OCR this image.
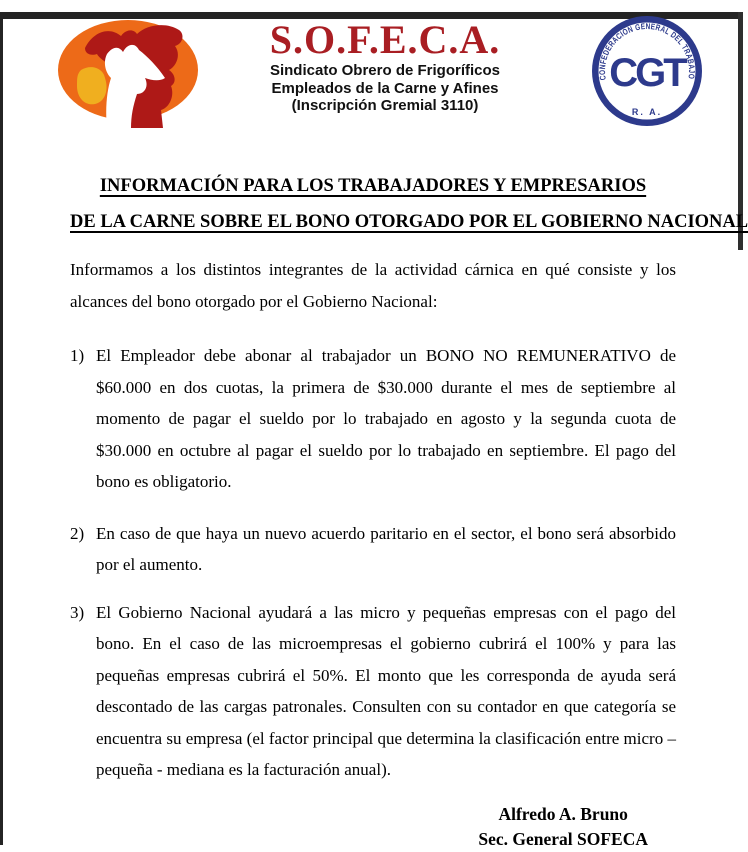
S.O.F.E.C.A.
Sindicato Obrero de Frigoríficos
Empleados de la Carne y Afines
(Inscripción Gremial 3110)
CONFEDERACION GENERAL DEL TRABAJO
CGT
R. A.
INFORMACIÓN PARA LOS TRABAJADORES Y EMPRESARIOS
DE LA CARNE SOBRE EL BONO OTORGADO POR EL GOBIERNO NACIONAL

Informamos a los distintos integrantes de la actividad cárnica en qué consiste y los alcances del bono otorgado por el Gobierno Nacional:

1) El Empleador debe abonar al trabajador un BONO NO REMUNERATIVO de $60.000 en dos cuotas, la primera de $30.000 durante el mes de septiembre al momento de pagar el sueldo por lo trabajado en agosto y la segunda cuota de $30.000 en octubre al pagar el sueldo por lo trabajado en septiembre. El pago del bono es obligatorio.
2) En caso de que haya un nuevo acuerdo paritario en el sector, el bono será absorbido por el aumento.
3) El Gobierno Nacional ayudará a las micro y pequeñas empresas con el pago del bono. En el caso de las microempresas el gobierno cubrirá el 100% y para las pequeñas empresas cubrirá el 50%. El monto que les corresponda de ayuda será descontado de las cargas patronales. Consulten con su contador en que categoría se encuentra su empresa (el factor principal que determina la clasificación entre micro – pequeña - mediana es la facturación anual).
Alfredo A. Bruno
Sec. General SOFECA
